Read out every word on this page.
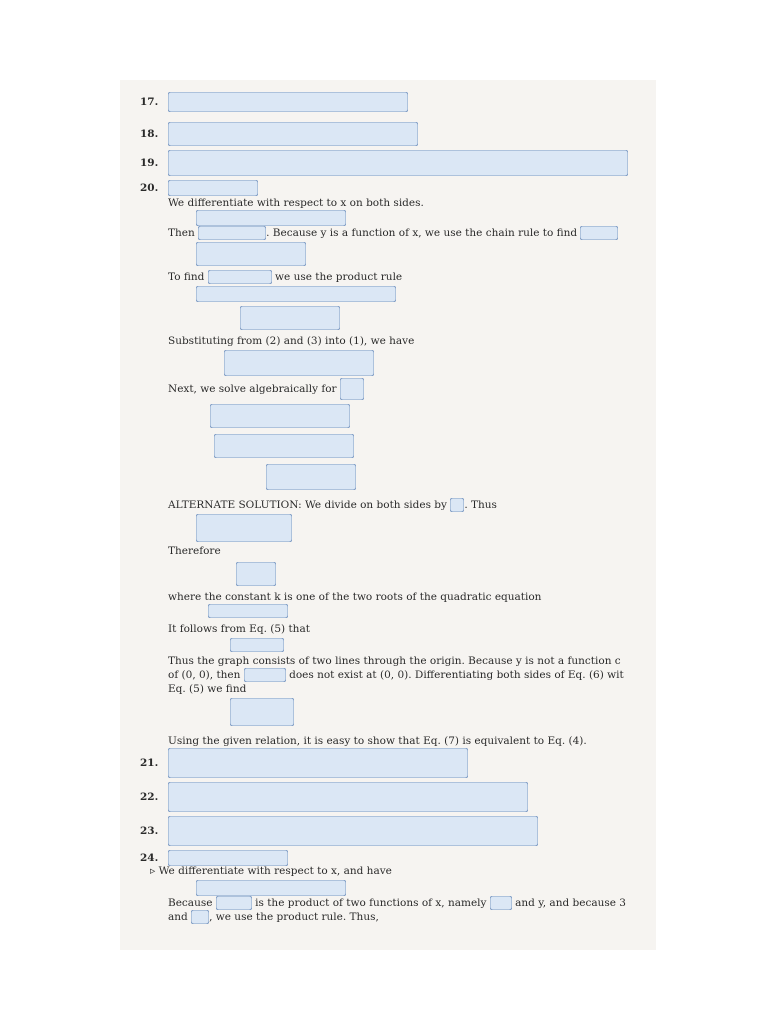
17.
18.
19.
20.
We differentiate with respect to x on both sides.
Then	. Because y is a function of x, we use the chain rule to find
To find	we use the product rule
Substituting from (2) and (3) into (1), we have
Next, we solve algebraically for
ALTERNATE SOLUTION: We divide on both sides by . Thus
Therefore
where the constant k is one of the two roots of the quadratic equation
It follows from Eq. (5) that
Thus the graph consists of two lines through the origin. Because y is not a function c
of (0, 0), then	does not exist at (0, 0). Differentiating both sides of Eq. (6) wit
Eq. (5) we find
Using the given relation, it is easy to show that Eq. (7) is equivalent to Eq. (4).
21.
22.
23.
24.
▹ We differentiate with respect to x, and have
Because	is the product of two functions of x, namely	and y, and because 3
and , we use the product rule. Thus,
